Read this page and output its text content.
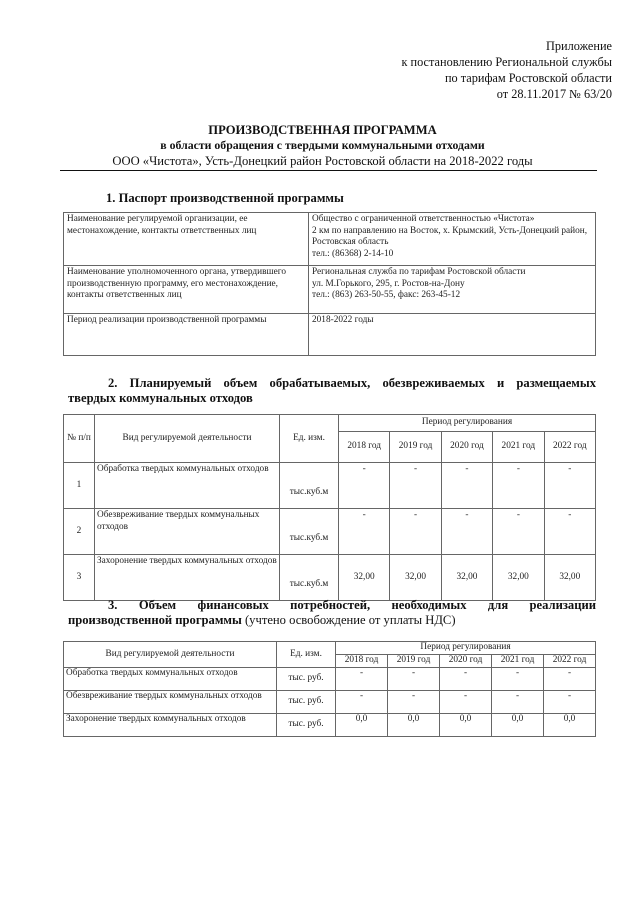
Приложение
к постановлению Региональной службы
по тарифам Ростовской области
от 28.11.2017 № 63/20
ПРОИЗВОДСТВЕННАЯ ПРОГРАММА
в области обращения с твердыми коммунальными отходами
ООО «Чистота», Усть-Донецкий район Ростовской области на 2018-2022 годы
1. Паспорт производственной программы
Наименование регулируемой организации, ее местонахождение, контакты ответственных лиц	Общество с ограниченной ответственностью «Чистота»
2 км по направлению на Восток, х. Крымский, Усть-Донецкий район, Ростовская область
тел.: (86368) 2-14-10

Наименование уполномоченного органа, утвердившего производственную программу, его местонахождение, контакты ответственных лиц	Региональная служба по тарифам Ростовской области
ул. М.Горького, 295, г. Ростов-на-Дону
тел.: (863) 263-50-55, факс: 263-45-12

Период реализации производственной программы	2018-2022 годы
2. Планируемый объем обрабатываемых, обезвреживаемых и размещаемых
твердых коммунальных отходов
№ п/п	Вид регулируемой деятельности	Ед. изм.	Период регулирования				
			2018 год	2019 год	2020 год	2021 год	2022 год
1	Обработка твердых коммунальных отходов	тыс.куб.м	-	-	-	-	-
2	Обезвреживание твердых коммунальных отходов	тыс.куб.м	-	-	-	-	-
3	Захоронение твердых коммунальных отходов	тыс.куб.м	32,00	32,00	32,00	32,00	32,00
3. Объем финансовых потребностей, необходимых для реализации
производственной программы (учтено освобождение от уплаты НДС)
Вид регулируемой деятельности	Ед. изм.	Период регулирования				
		2018 год	2019 год	2020 год	2021 год	2022 год
Обработка твердых коммунальных отходов	тыс. руб.	-	-	-	-	-
Обезвреживание твердых коммунальных отходов	тыс. руб.	-	-	-	-	-
Захоронение твердых коммунальных отходов	тыс. руб.	0,0	0,0	0,0	0,0	0,0
